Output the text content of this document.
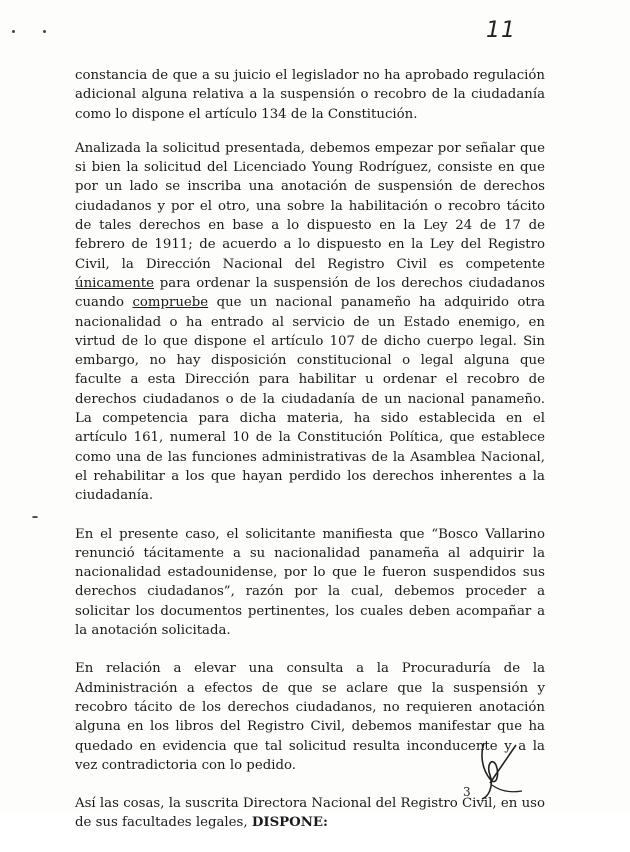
11

constancia de que a su juicio el legislador no ha aprobado regulación adicional alguna relativa a la suspensión o recobro de la ciudadanía como lo dispone el artículo 134 de la Constitución.

Analizada la solicitud presentada, debemos empezar por señalar que si bien la solicitud del Licenciado Young Rodríguez, consiste en que por un lado se inscriba una anotación de suspensión de derechos ciudadanos y por el otro, una sobre la habilitación o recobro tácito de tales derechos en base a lo dispuesto en la Ley 24 de 17 de febrero de 1911; de acuerdo a lo dispuesto en la Ley del Registro Civil, la Dirección Nacional del Registro Civil es competente únicamente para ordenar la suspensión de los derechos ciudadanos cuando compruebe que un nacional panameño ha adquirido otra nacionalidad o ha entrado al servicio de un Estado enemigo, en virtud de lo que dispone el artículo 107 de dicho cuerpo legal. Sin embargo, no hay disposición constitucional o legal alguna que faculte a esta Dirección para habilitar u ordenar el recobro de derechos ciudadanos o de la ciudadanía de un nacional panameño. La competencia para dicha materia, ha sido establecida en el artículo 161, numeral 10 de la Constitución Política, que establece como una de las funciones administrativas de la Asamblea Nacional, el rehabilitar a los que hayan perdido los derechos inherentes a la ciudadanía.

En el presente caso, el solicitante manifiesta que “Bosco Vallarino renunció tácitamente a su nacionalidad panameña al adquirir la nacionalidad estadounidense, por lo que le fueron suspendidos sus derechos ciudadanos”, razón por la cual, debemos proceder a solicitar los documentos pertinentes, los cuales deben acompañar a la anotación solicitada.

En relación a elevar una consulta a la Procuraduría de la Administración a efectos de que se aclare que la suspensión y recobro tácito de los derechos ciudadanos, no requieren anotación alguna en los libros del Registro Civil, debemos manifestar que ha quedado en evidencia que tal solicitud resulta inconducente y a la vez contradictoria con lo pedido.

Así las cosas, la suscrita Directora Nacional del Registro Civil, en uso de sus facultades legales, DISPONE:

3
